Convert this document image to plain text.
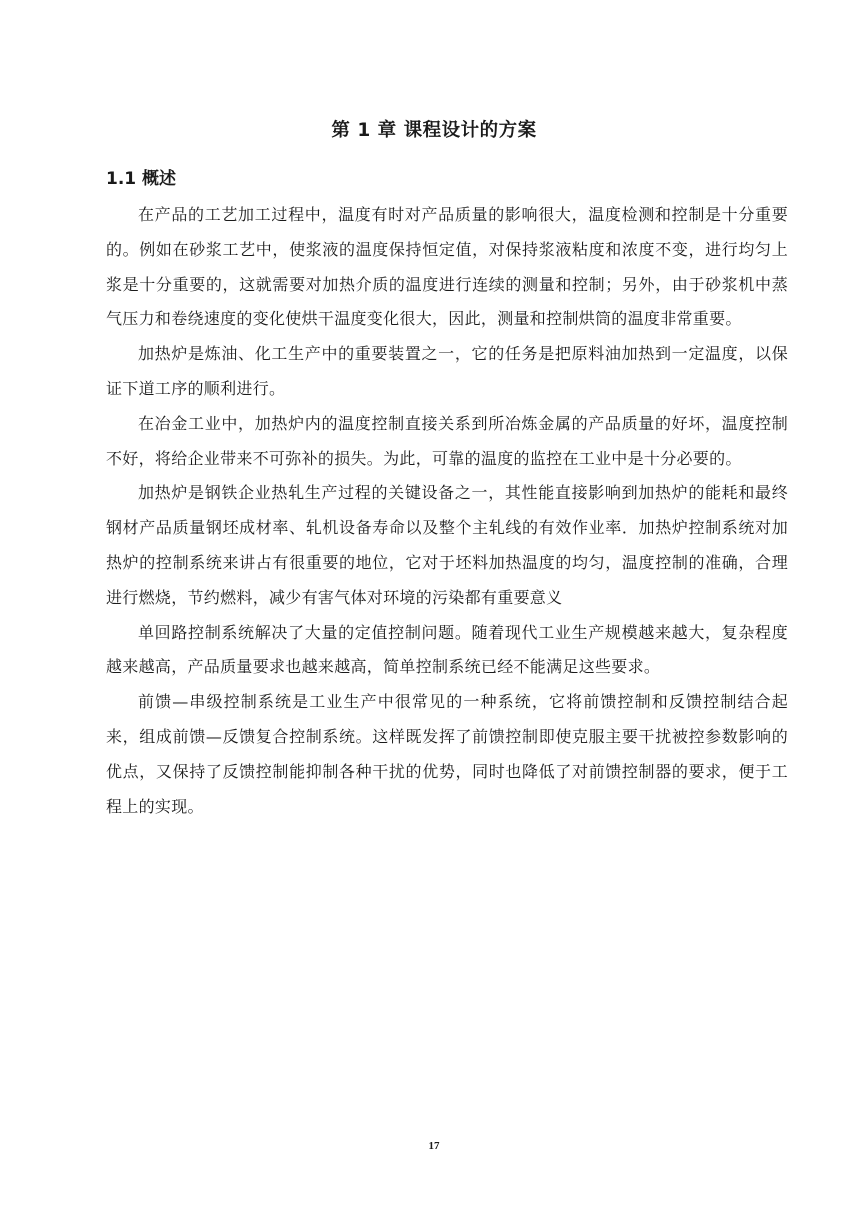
第 1 章 课程设计的方案
1.1 概述

在产品的工艺加工过程中，温度有时对产品质量的影响很大，温度检测和控制是十分重要的。例如在砂浆工艺中，使浆液的温度保持恒定值，对保持浆液粘度和浓度不变，进行均匀上浆是十分重要的，这就需要对加热介质的温度进行连续的测量和控制；另外，由于砂浆机中蒸气压力和卷绕速度的变化使烘干温度变化很大，因此，测量和控制烘筒的温度非常重要。

加热炉是炼油、化工生产中的重要装置之一，它的任务是把原料油加热到一定温度，以保证下道工序的顺利进行。

在冶金工业中，加热炉内的温度控制直接关系到所冶炼金属的产品质量的好坏，温度控制不好，将给企业带来不可弥补的损失。为此，可靠的温度的监控在工业中是十分必要的。

加热炉是钢铁企业热轧生产过程的关键设备之一，其性能直接影响到加热炉的能耗和最终钢材产品质量钢坯成材率、轧机设备寿命以及整个主轧线的有效作业率．加热炉控制系统对加热炉的控制系统来讲占有很重要的地位，它对于坯料加热温度的均匀，温度控制的准确，合理进行燃烧，节约燃料，减少有害气体对环境的污染都有重要意义

单回路控制系统解决了大量的定值控制问题。随着现代工业生产规模越来越大，复杂程度越来越高，产品质量要求也越来越高，简单控制系统已经不能满足这些要求。

前馈—串级控制系统是工业生产中很常见的一种系统，它将前馈控制和反馈控制结合起来，组成前馈—反馈复合控制系统。这样既发挥了前馈控制即使克服主要干扰被控参数影响的优点，又保持了反馈控制能抑制各种干扰的优势，同时也降低了对前馈控制器的要求，便于工程上的实现。

17
